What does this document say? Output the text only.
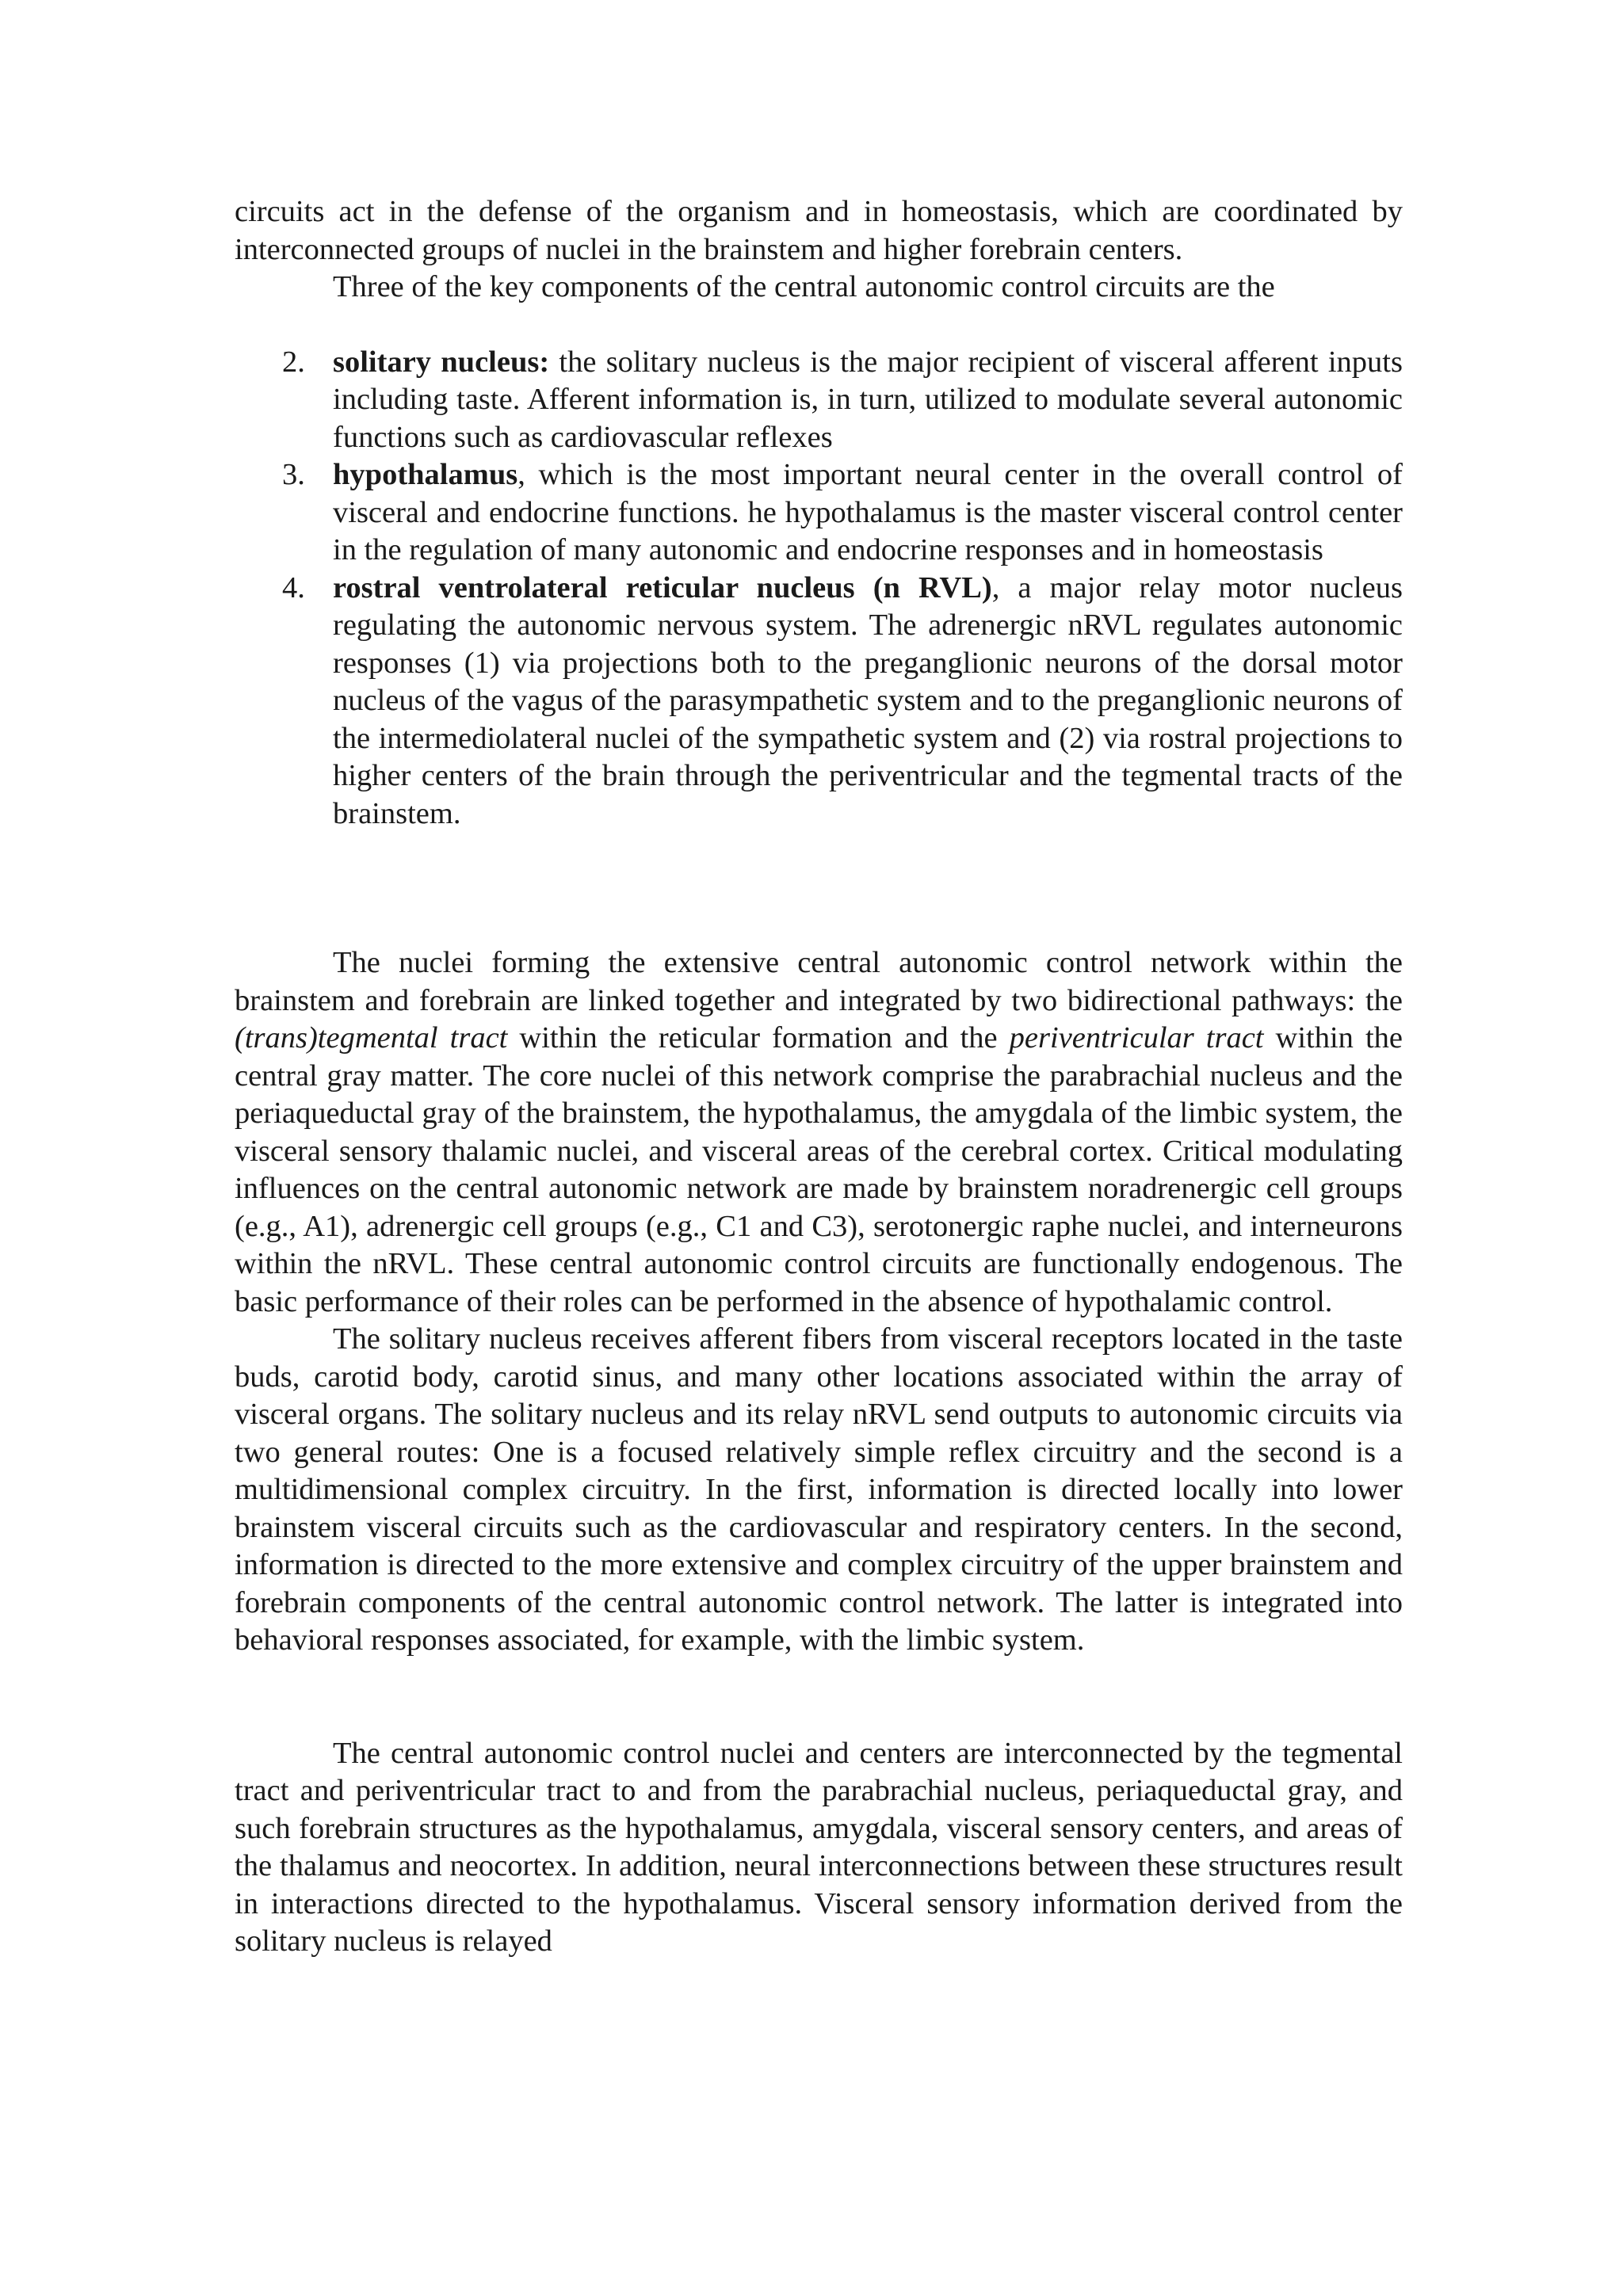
circuits act in the defense of the organism and in homeostasis, which are coordinated by interconnected groups of nuclei in the brainstem and higher forebrain centers.

Three of the key components of the central autonomic control circuits are the

2. solitary nucleus: the solitary nucleus is the major recipient of visceral afferent inputs including taste. Afferent information is, in turn, utilized to modulate several autonomic functions such as cardiovascular reflexes
3. hypothalamus, which is the most important neural center in the overall control of visceral and endocrine functions. he hypothalamus is the master visceral control center in the regulation of many autonomic and endocrine responses and in homeostasis
4. rostral ventrolateral reticular nucleus (n RVL), a major relay motor nucleus regulating the autonomic nervous system. The adrenergic nRVL regulates autonomic responses (1) via projections both to the preganglionic neurons of the dorsal motor nucleus of the vagus of the parasympathetic system and to the preganglionic neurons of the intermediolateral nuclei of the sympathetic system and (2) via rostral projections to higher centers of the brain through the periventricular and the tegmental tracts of the brainstem.

The nuclei forming the extensive central autonomic control network within the brainstem and forebrain are linked together and integrated by two bidirectional pathways: the (trans)tegmental tract within the reticular formation and the periventricular tract within the central gray matter. The core nuclei of this network comprise the parabrachial nucleus and the periaqueductal gray of the brainstem, the hypothalamus, the amygdala of the limbic system, the visceral sensory thalamic nuclei, and visceral areas of the cerebral cortex. Critical modulating influences on the central autonomic network are made by brainstem noradrenergic cell groups (e.g., A1), adrenergic cell groups (e.g., C1 and C3), serotonergic raphe nuclei, and interneurons within the nRVL. These central autonomic control circuits are functionally endogenous. The basic performance of their roles can be performed in the absence of hypothalamic control.

The solitary nucleus receives afferent fibers from visceral receptors located in the taste buds, carotid body, carotid sinus, and many other locations associated within the array of visceral organs. The solitary nucleus and its relay nRVL send outputs to autonomic circuits via two general routes: One is a focused relatively simple reflex circuitry and the second is a multidimensional complex circuitry. In the first, information is directed locally into lower brainstem visceral circuits such as the cardiovascular and respiratory centers. In the second, information is directed to the more extensive and complex circuitry of the upper brainstem and forebrain components of the central autonomic control network. The latter is integrated into behavioral responses associated, for example, with the limbic system.

The central autonomic control nuclei and centers are interconnected by the tegmental tract and periventricular tract to and from the parabrachial nucleus, periaqueductal gray, and such forebrain structures as the hypothalamus, amygdala, visceral sensory centers, and areas of the thalamus and neocortex. In addition, neural interconnections between these structures result in interactions directed to the hypothalamus. Visceral sensory information derived from the solitary nucleus is relayed
